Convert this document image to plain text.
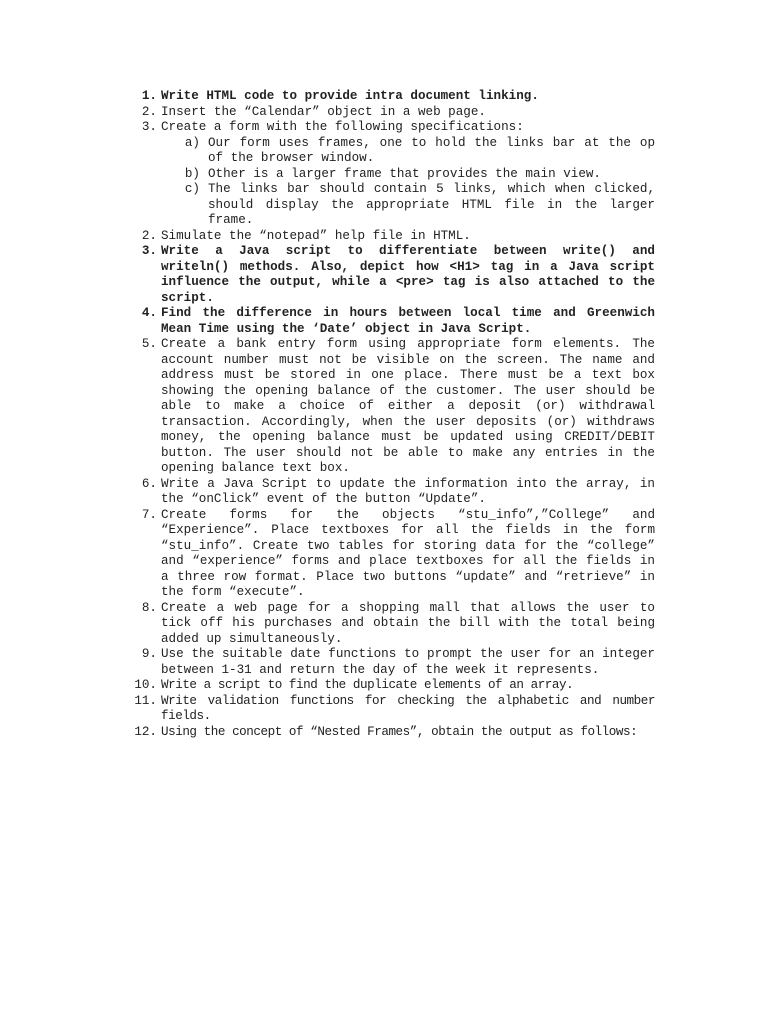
1. Write HTML code to provide intra document linking.
2. Insert the “Calendar” object in a web page.
3. Create a form with the following specifications:
a) Our form uses frames, one to hold the links bar at the op of the browser window.
b) Other is a larger frame that provides the main view.
c) The links bar should contain 5 links, which when clicked, should display the appropriate HTML file in the larger frame.
2. Simulate the “notepad” help file in HTML.
3. Write a Java script to differentiate between write() and writeln() methods. Also, depict how <H1> tag in a Java script influence the output, while a <pre> tag is also attached to the script.
4. Find the difference in hours between local time and Greenwich Mean Time using the ‘Date’ object in Java Script.
5. Create a bank entry form using appropriate form elements. The account number must not be visible on the screen. The name and address must be stored in one place. There must be a text box showing the opening balance of the customer. The user should be able to make a choice of either a deposit (or) withdrawal transaction. Accordingly, when the user deposits (or) withdraws money, the opening balance must be updated using CREDIT/DEBIT button. The user should not be able to make any entries in the opening balance text box.
6. Write a Java Script to update the information into the array, in the “onClick” event of the button “Update”.
7. Create forms for the objects “stu_info”,”College” and “Experience”. Place textboxes for all the fields in the form “stu_info”. Create two tables for storing data for the “college” and “experience” forms and place textboxes for all the fields in a three row format. Place two buttons “update” and “retrieve” in the form “execute”.
8. Create a web page for a shopping mall that allows the user to tick off his purchases and obtain the bill with the total being added up simultaneously.
9. Use the suitable date functions to prompt the user for an integer between 1-31 and return the day of the week it represents.
10. Write a script to find the duplicate elements of an array.
11. Write validation functions for checking the alphabetic and number fields.
12. Using the concept of “Nested Frames”, obtain the output as follows:
